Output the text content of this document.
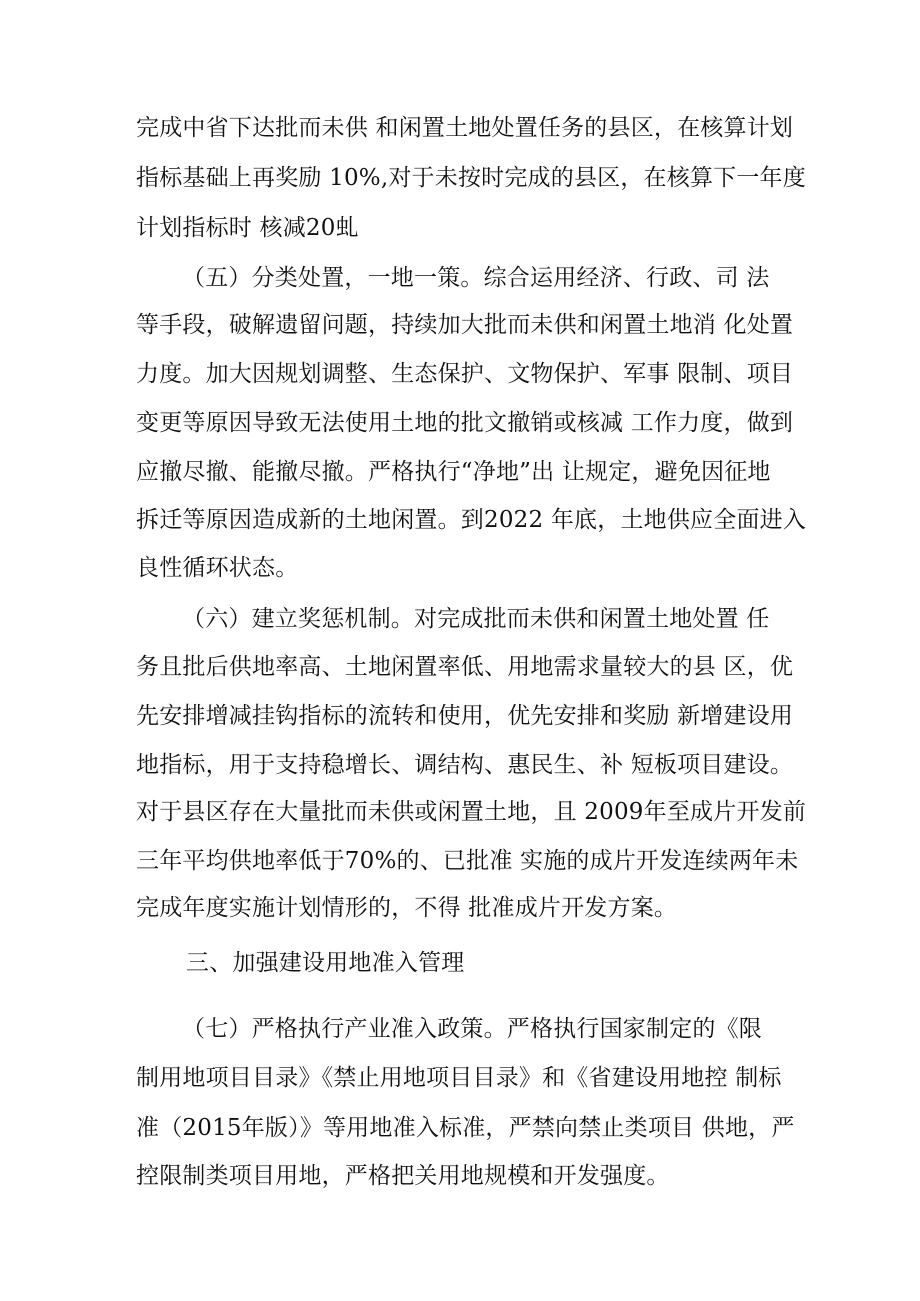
完成中省下达批而未供 和闲置土地处置任务的县区，在核算计划
指标基础上再奖励 10%,对于未按时完成的县区，在核算下一年度
计划指标时 核减20虬
（五）分类处置，一地一策。综合运用经济、行政、司 法
等手段，破解遗留问题，持续加大批而未供和闲置土地消 化处置
力度。加大因规划调整、生态保护、文物保护、军事 限制、项目
变更等原因导致无法使用土地的批文撤销或核减 工作力度，做到
应撤尽撤、能撤尽撤。严格执行“净地”出 让规定，避免因征地
拆迁等原因造成新的土地闲置。到2022 年底，土地供应全面进入
良性循环状态。
（六）建立奖惩机制。对完成批而未供和闲置土地处置 任
务且批后供地率高、土地闲置率低、用地需求量较大的县 区，优
先安排增减挂钩指标的流转和使用，优先安排和奖励 新增建设用
地指标，用于支持稳增长、调结构、惠民生、补 短板项目建设。
对于县区存在大量批而未供或闲置土地，且 2009年至成片开发前
三年平均供地率低于70%的、已批准 实施的成片开发连续两年未
完成年度实施计划情形的，不得 批准成片开发方案。
三、加强建设用地准入管理
（七）严格执行产业准入政策。严格执行国家制定的《限
制用地项目目录》《禁止用地项目目录》和《省建设用地控 制标
准（2015年版）》等用地准入标准，严禁向禁止类项目 供地，严
控限制类项目用地，严格把关用地规模和开发强度。
